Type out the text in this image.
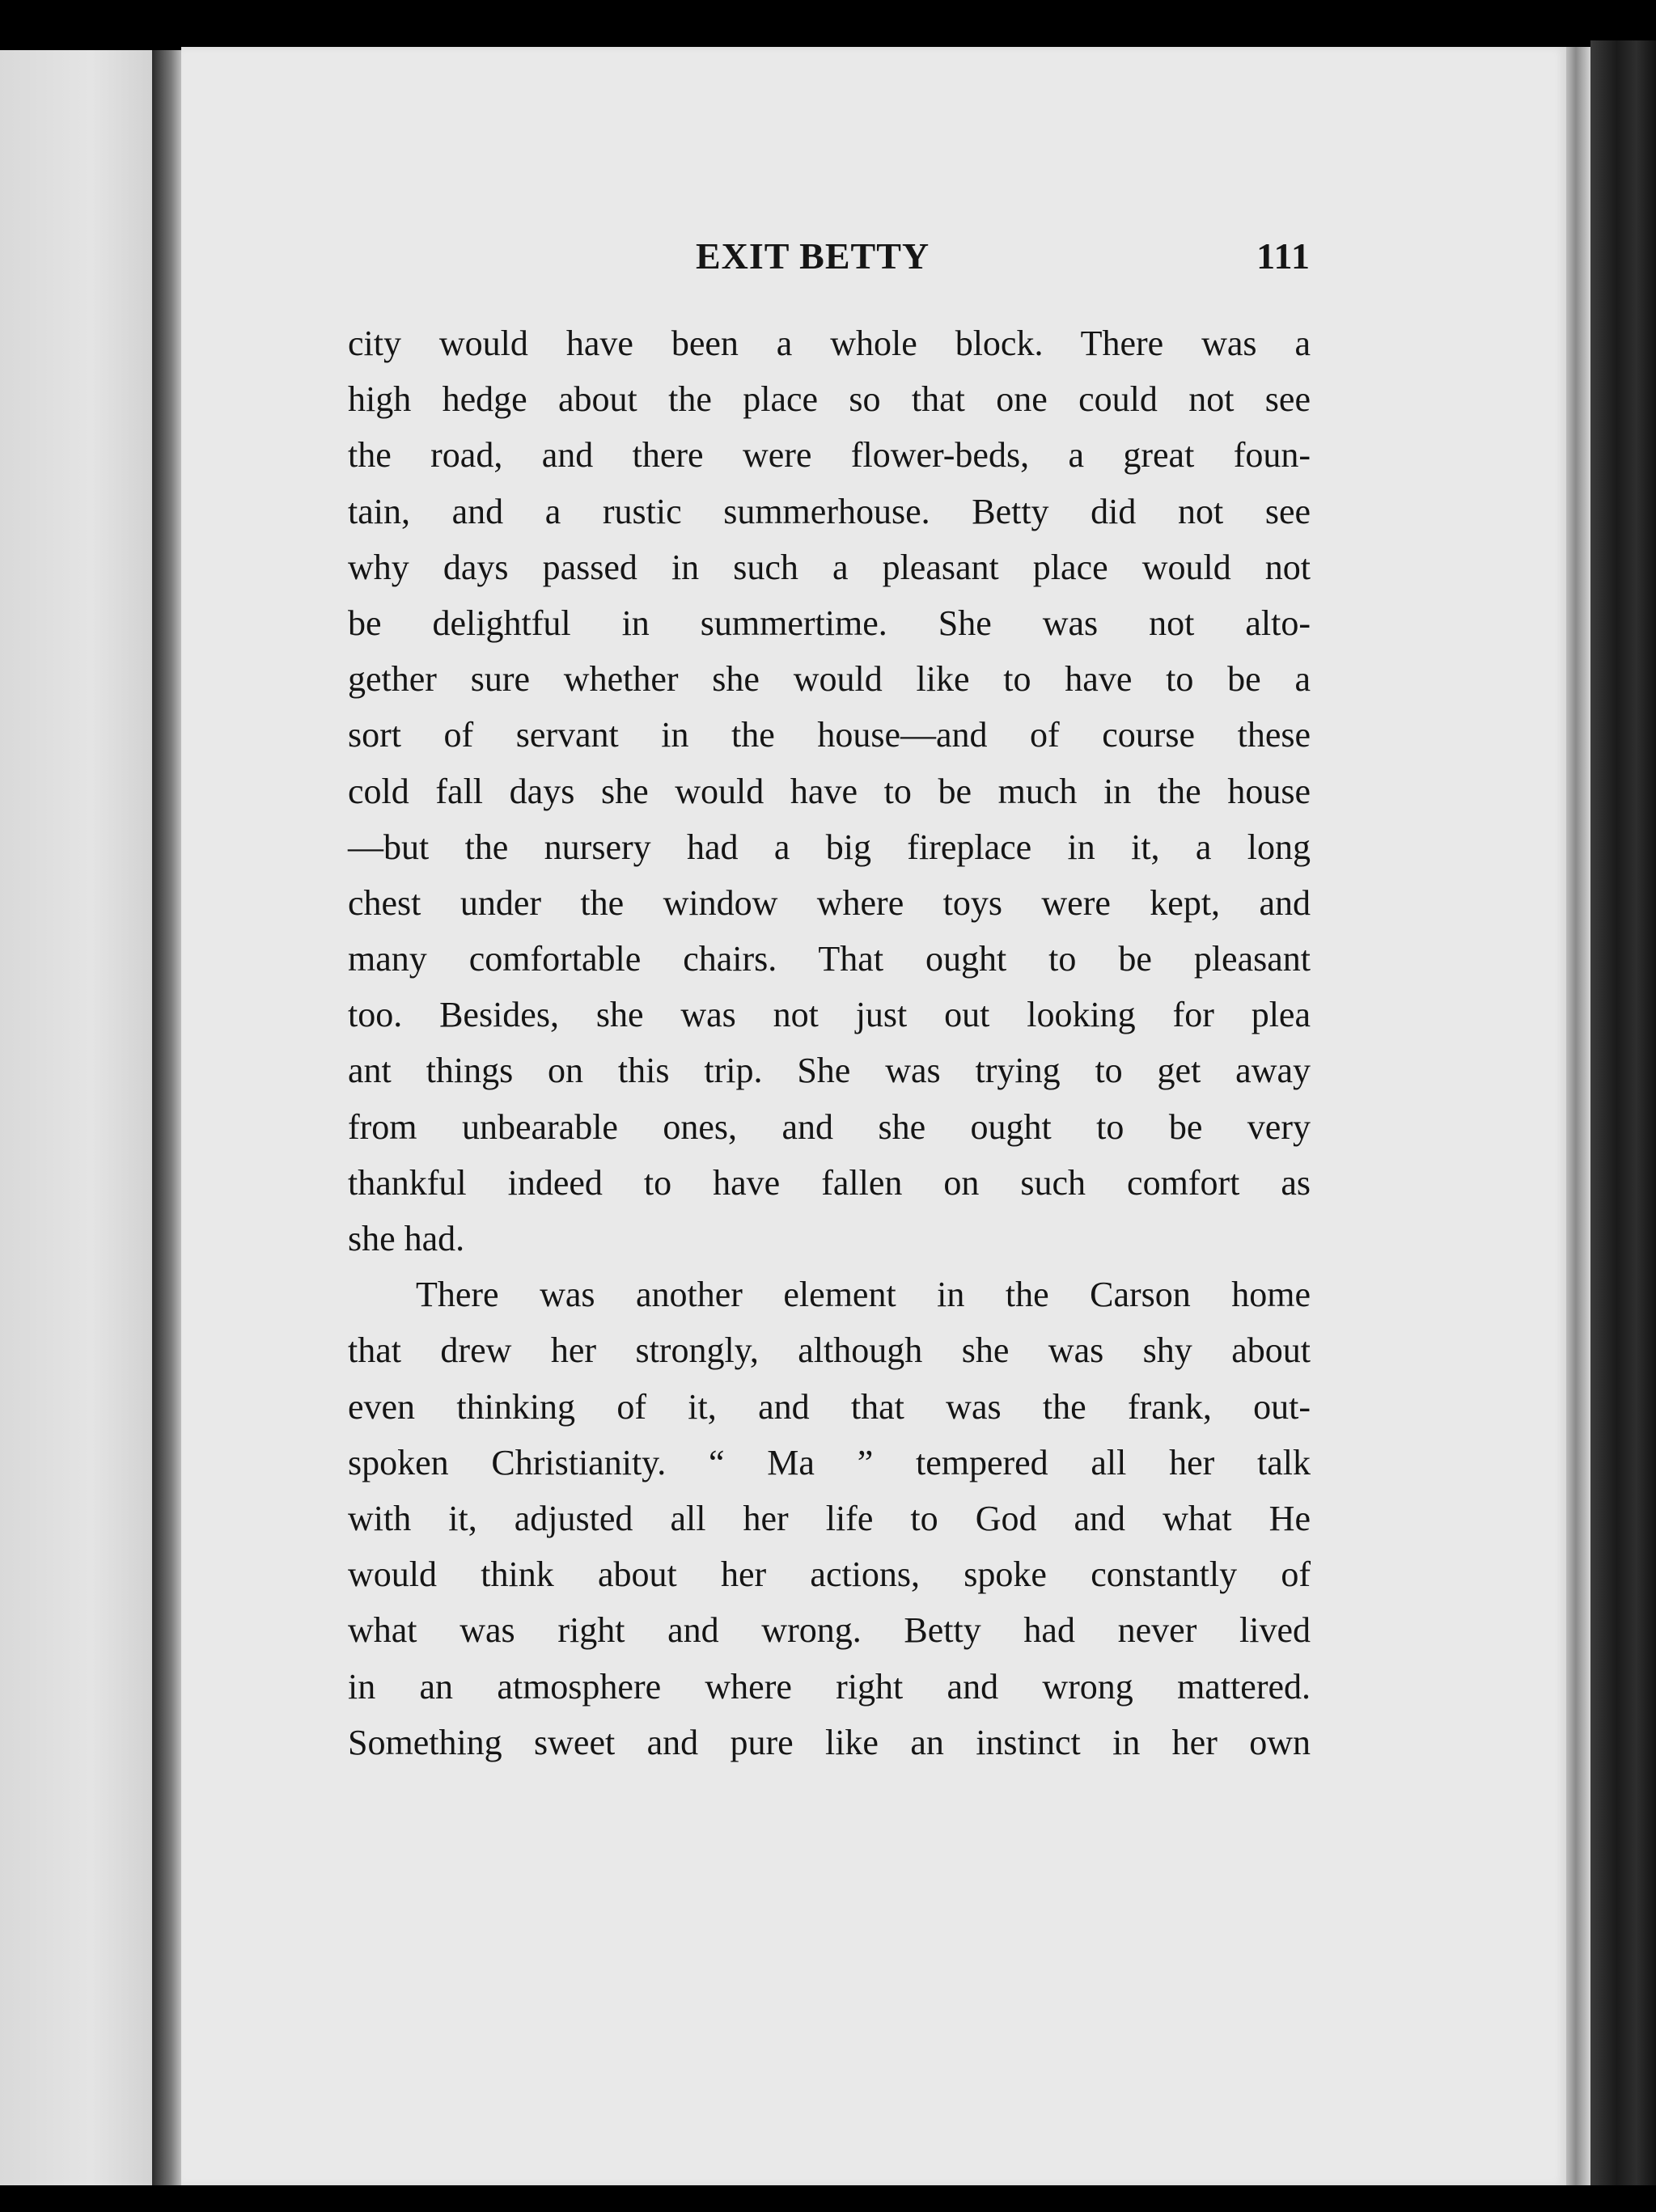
EXIT BETTY	111
city would have been a whole block. There was a
high hedge about the place so that one could not see
the road, and there were flower-beds, a great foun-
tain, and a rustic summerhouse. Betty did not see
why days passed in such a pleasant place would not
be delightful in summertime. She was not alto-
gether sure whether she would like to have to be a
sort of servant in the house—and of course these
cold fall days she would have to be much in the house
—but the nursery had a big fireplace in it, a long
chest under the window where toys were kept, and
many comfortable chairs. That ought to be pleasant
too. Besides, she was not just out looking for plea
ant things on this trip. She was trying to get away
from unbearable ones, and she ought to be very
thankful indeed to have fallen on such comfort as
she had.
There was another element in the Carson home
that drew her strongly, although she was shy about
even thinking of it, and that was the frank, out-
spoken Christianity. “ Ma ” tempered all her talk
with it, adjusted all her life to God and what He
would think about her actions, spoke constantly of
what was right and wrong. Betty had never lived
in an atmosphere where right and wrong mattered.
Something sweet and pure like an instinct in her own
